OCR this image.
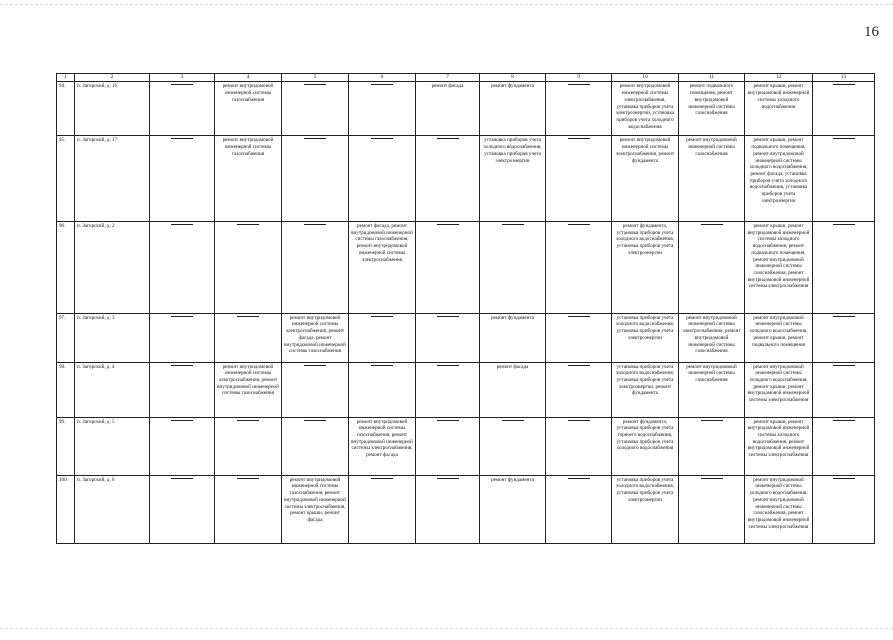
16
1	2	3	4	5	6	7	8	9	10	11	12	13

94.	п. Загорский, д. 16		ремонт внутридомовой инженерной системы газоснабжения			ремонт фасада	ремонт фундамента		ремонт внутридомовой инженерной системы электроснабжения, установка приборов учета электроэнергии, установка приборов учета холодного водоснабжения	ремонт подвального помещения, ремонт внутридомовой инженерной системы газоснабжения	ремонт крыши, ремонт внутридомовой инженерной системы холодного водоснабжения	

95.	п. Загорский, д. 17		ремонт внутридомовой инженерной системы газоснабжения				установка приборов учета холодного водоснабжения, установка приборов учета электроэнергии		ремонт внутридомовой инженерной системы электроснабжения, ремонт фундамента	ремонт внутридомовой инженерной системы газоснабжения	ремонт крыши, ремонт подвального помещения, ремонт внутридомовой инженерной системы холодного водоснабжения, ремонт фасада, установка приборов учета холодного водоснабжения, установка приборов учета электроэнергии	

96.	п. Загорский, д. 2				ремонт фасада, ремонт внутридомовой инженерной системы газоснабжения, ремонт внутридомовой инженерной системы электроснабжения				ремонт фундамента, установка приборов учета холодного водоснабжения, установка приборов учета электроэнергии		ремонт крыши, ремонт внутридомовой инженерной системы холодного водоснабжения, ремонт подвального помещения, ремонт внутридомовой инженерной системы газоснабжения, ремонт внутридомовой инженерной системы электроснабжения	

97.	п. Загорский, д. 3			ремонт внутридомовой инженерной системы электроснабжения, ремонт фасада, ремонт внутридомовой инженерной системы газоснабжения			ремонт фундамента		установка приборов учета холодного водоснабжения, установка приборов учета электроэнергии	ремонт внутридомовой инженерной системы электроснабжения, ремонт внутридомовой инженерной системы газоснабжения	ремонт внутридомовой инженерной системы холодного водоснабжения, ремонт крыши, ремонт подвального помещения	

98.	п. Загорский, д. 4		ремонт внутридомовой инженерной системы электроснабжения, ремонт внутридомовой инженерной системы газоснабжения				ремонт фасада		установка приборов учета холодного водоснабжения, установка приборов учета электроэнергии, ремонт фундамента	ремонт внутридомовой инженерной системы газоснабжения	ремонт внутридомовой инженерной системы холодного водоснабжения, ремонт крыши, ремонт внутридомовой инженерной системы электроснабжения	

99.	п. Загорский, д. 5				ремонт внутридомовой инженерной системы газоснабжения, ремонт внутридомовой инженерной системы электроснабжения, ремонт фасада				ремонт фундамента, установка приборов учета горячего водоснабжения, установка приборов учета холодного водоснабжения		ремонт крыши, ремонт внутридомовой инженерной системы холодного водоснабжения, ремонт внутридомовой инженерной системы электроснабжения	

100.	п. Загорский, д. 6			ремонт внутридомовой инженерной системы газоснабжения, ремонт внутридомовой инженерной системы электроснабжения, ремонт крыши, ремонт фасада			ремонт фундамента		установка приборов учета холодного водоснабжения, установка приборов учета электроэнергии		ремонт внутридомовой инженерной системы холодного водоснабжения, ремонт внутридомовой инженерной системы газоснабжения, ремонт внутридомовой инженерной системы электроснабжения	
